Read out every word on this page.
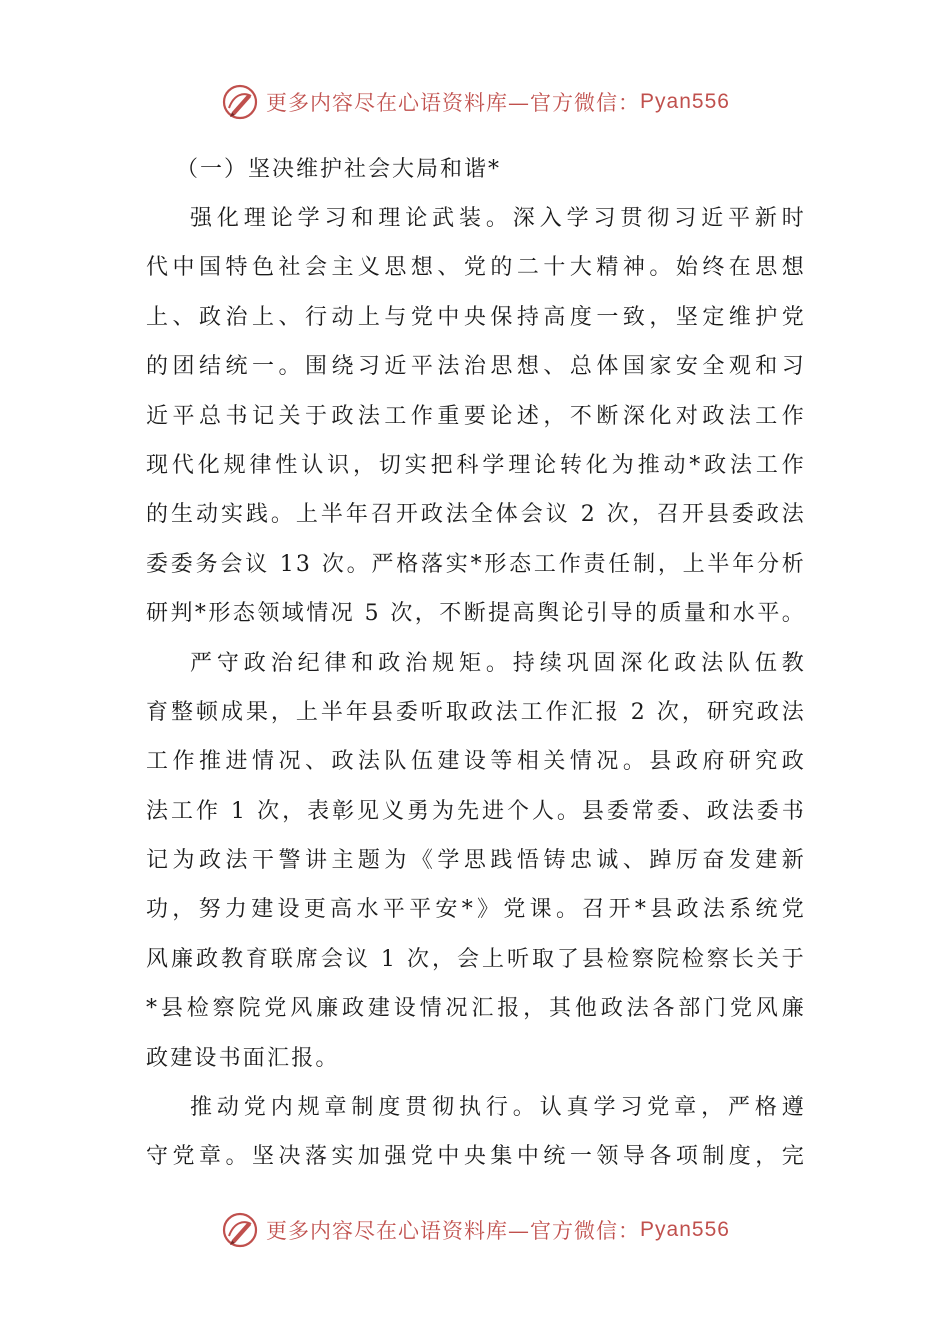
更多内容尽在心语资料库—官方微信： Pyan556
（一）坚决维护社会大局和谐*
强化理论学习和理论武装。深入学习贯彻习近平新时
代中国特色社会主义思想、党的二十大精神。始终在思想
上、政治上、行动上与党中央保持高度一致，坚定维护党
的团结统一。围绕习近平法治思想、总体国家安全观和习
近平总书记关于政法工作重要论述，不断深化对政法工作
现代化规律性认识，切实把科学理论转化为推动*政法工作
的生动实践。上半年召开政法全体会议 2 次，召开县委政法
委委务会议 13 次。严格落实*形态工作责任制，上半年分析
研判*形态领域情况 5 次，不断提高舆论引导的质量和水平。
严守政治纪律和政治规矩。持续巩固深化政法队伍教
育整顿成果，上半年县委听取政法工作汇报 2 次，研究政法
工作推进情况、政法队伍建设等相关情况。县政府研究政
法工作 1 次，表彰见义勇为先进个人。县委常委、政法委书
记为政法干警讲主题为《学思践悟铸忠诚、踔厉奋发建新
功，努力建设更高水平平安*》党课。召开*县政法系统党
风廉政教育联席会议 1 次，会上听取了县检察院检察长关于
*县检察院党风廉政建设情况汇报，其他政法各部门党风廉
政建设书面汇报。
推动党内规章制度贯彻执行。认真学习党章，严格遵
守党章。坚决落实加强党中央集中统一领导各项制度，完
更多内容尽在心语资料库—官方微信： Pyan556
